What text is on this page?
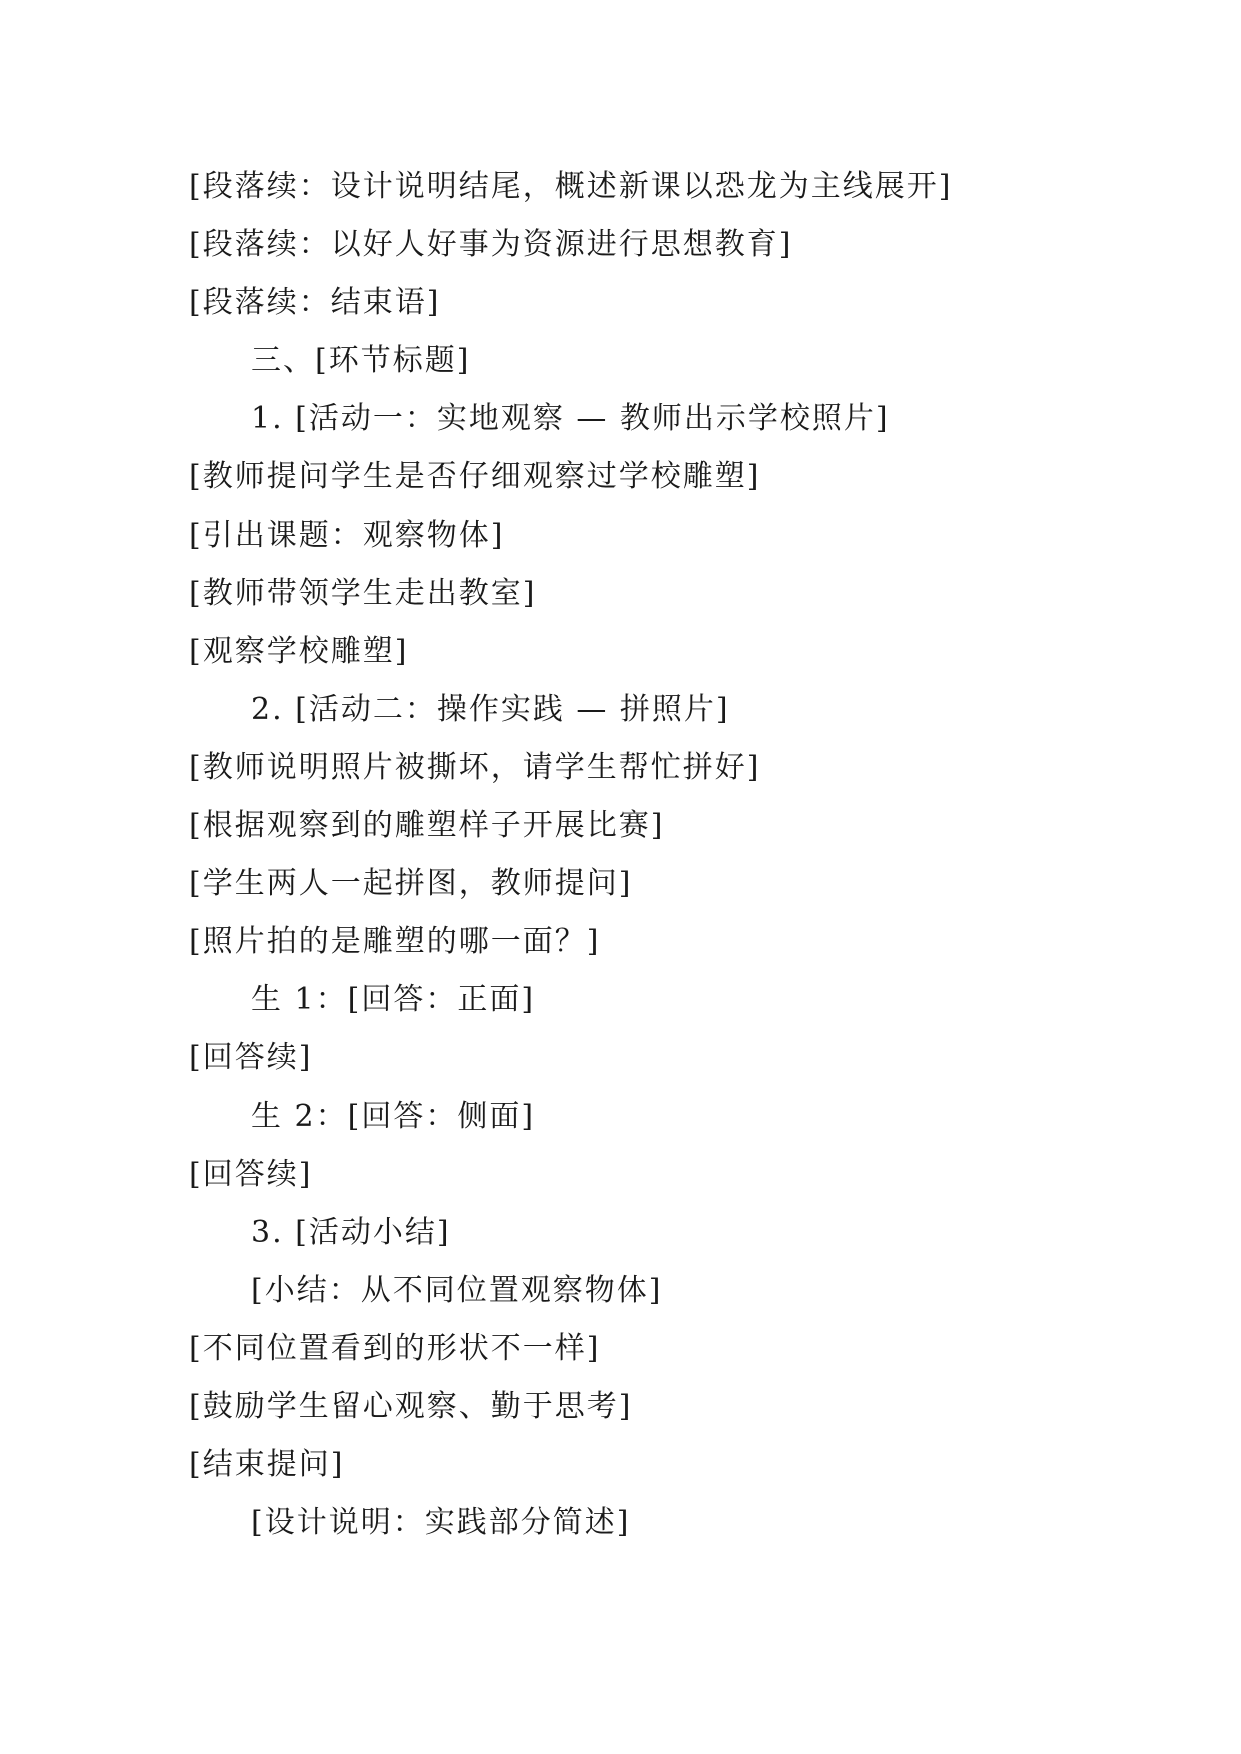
[段落续：设计说明结尾，概述新课以恐龙为主线展开]
[段落续：以好人好事为资源进行思想教育]
[段落续：结束语]
三、[环节标题]
1. [活动一：实地观察 — 教师出示学校照片]
[教师提问学生是否仔细观察过学校雕塑]
[引出课题：观察物体]
[教师带领学生走出教室]
[观察学校雕塑]
2. [活动二：操作实践 — 拼照片]
[教师说明照片被撕坏，请学生帮忙拼好]
[根据观察到的雕塑样子开展比赛]
[学生两人一起拼图，教师提问]
[照片拍的是雕塑的哪一面？]
生 1：[回答：正面]
[回答续]
生 2：[回答：侧面]
[回答续]
3. [活动小结]
[小结：从不同位置观察物体]
[不同位置看到的形状不一样]
[鼓励学生留心观察、勤于思考]
[结束提问]
[设计说明：实践部分简述]
